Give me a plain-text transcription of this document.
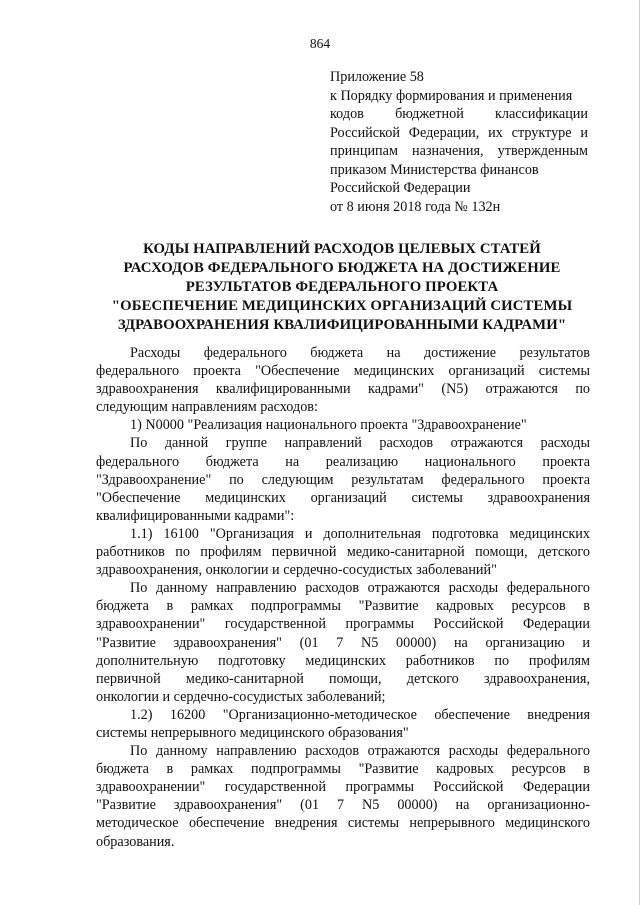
864
Приложение 58
к Порядку формирования и применения
кодов бюджетной классификации
Российской Федерации, их структуре и
принципам назначения, утвержденным
приказом Министерства финансов
Российской Федерации
от 8 июня 2018 года № 132н
КОДЫ НАПРАВЛЕНИЙ РАСХОДОВ ЦЕЛЕВЫХ СТАТЕЙ
РАСХОДОВ ФЕДЕРАЛЬНОГО БЮДЖЕТА НА ДОСТИЖЕНИЕ
РЕЗУЛЬТАТОВ ФЕДЕРАЛЬНОГО ПРОЕКТА
"ОБЕСПЕЧЕНИЕ МЕДИЦИНСКИХ ОРГАНИЗАЦИЙ СИСТЕМЫ
ЗДРАВООХРАНЕНИЯ КВАЛИФИЦИРОВАННЫМИ КАДРАМИ"
Расходы федерального бюджета на достижение результатов
федерального проекта "Обеспечение медицинских организаций системы
здравоохранения квалифицированными кадрами" (N5) отражаются по
следующим направлениям расходов:
1) N0000 "Реализация национального проекта "Здравоохранение"
По данной группе направлений расходов отражаются расходы
федерального бюджета на реализацию национального проекта
"Здравоохранение" по следующим результатам федерального проекта
"Обеспечение медицинских организаций системы здравоохранения
квалифицированными кадрами":
1.1) 16100 "Организация и дополнительная подготовка медицинских
работников по профилям первичной медико-санитарной помощи, детского
здравоохранения, онкологии и сердечно-сосудистых заболеваний"
По данному направлению расходов отражаются расходы федерального
бюджета в рамках подпрограммы "Развитие кадровых ресурсов в
здравоохранении" государственной программы Российской Федерации
"Развитие здравоохранения" (01 7 N5 00000) на организацию и
дополнительную подготовку медицинских работников по профилям
первичной медико-санитарной помощи, детского здравоохранения,
онкологии и сердечно-сосудистых заболеваний;
1.2) 16200 "Организационно-методическое обеспечение внедрения
системы непрерывного медицинского образования"
По данному направлению расходов отражаются расходы федерального
бюджета в рамках подпрограммы "Развитие кадровых ресурсов в
здравоохранении" государственной программы Российской Федерации
"Развитие здравоохранения" (01 7 N5 00000) на организационно-
методическое обеспечение внедрения системы непрерывного медицинского
образования.
